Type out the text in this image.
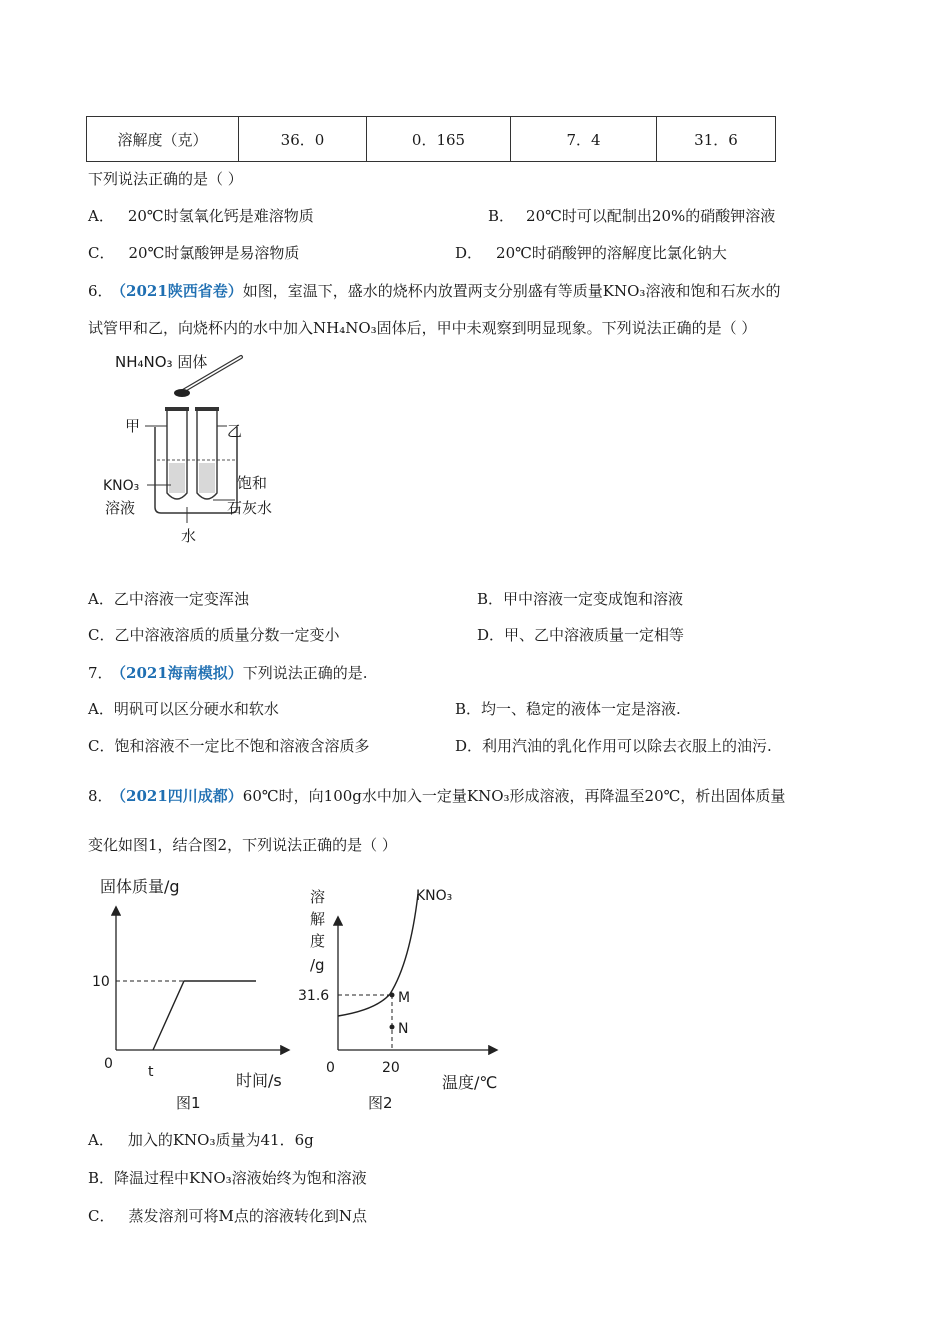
溶解度（克）	36．0	0．165	7．4	31．6
下列说法正确的是（ ）
A． 20℃时氢氧化钙是难溶物质	B． 20℃时可以配制出20%的硝酸钾溶液
C． 20℃时氯酸钾是易溶物质	D． 20℃时硝酸钾的溶解度比氯化钠大
6． （2021陕西省卷）如图，室温下，盛水的烧杯内放置两支分别盛有等质量KNO₃溶液和饱和石灰水的
试管甲和乙，向烧杯内的水中加入NH₄NO₃固体后，甲中未观察到明显现象。下列说法正确的是（ ）
NH₄NO₃ 固体
甲	乙
KNO₃
溶液
饱和
石灰水
水
A．乙中溶液一定变浑浊	B．甲中溶液一定变成饱和溶液
C．乙中溶液溶质的质量分数一定变小	D．甲、乙中溶液质量一定相等
7． （2021海南模拟）下列说法正确的是.
A．明矾可以区分硬水和软水	B．均一、稳定的液体一定是溶液.
C．饱和溶液不一定比不饱和溶液含溶质多	D．利用汽油的乳化作用可以除去衣服上的油污.
8． （2021四川成都）60℃时，向100g水中加入一定量KNO₃形成溶液，再降温至20℃，析出固体质量
变化如图1，结合图2，下列说法正确的是（ ）
固体质量/g
10
0	t	时间/s
图1
溶
解
度
/g
M
N
KNO₃
31.6
0	20
温度/℃
图2
A． 加入的KNO₃质量为41．6g
B．降温过程中KNO₃溶液始终为饱和溶液
C． 蒸发溶剂可将M点的溶液转化到N点
